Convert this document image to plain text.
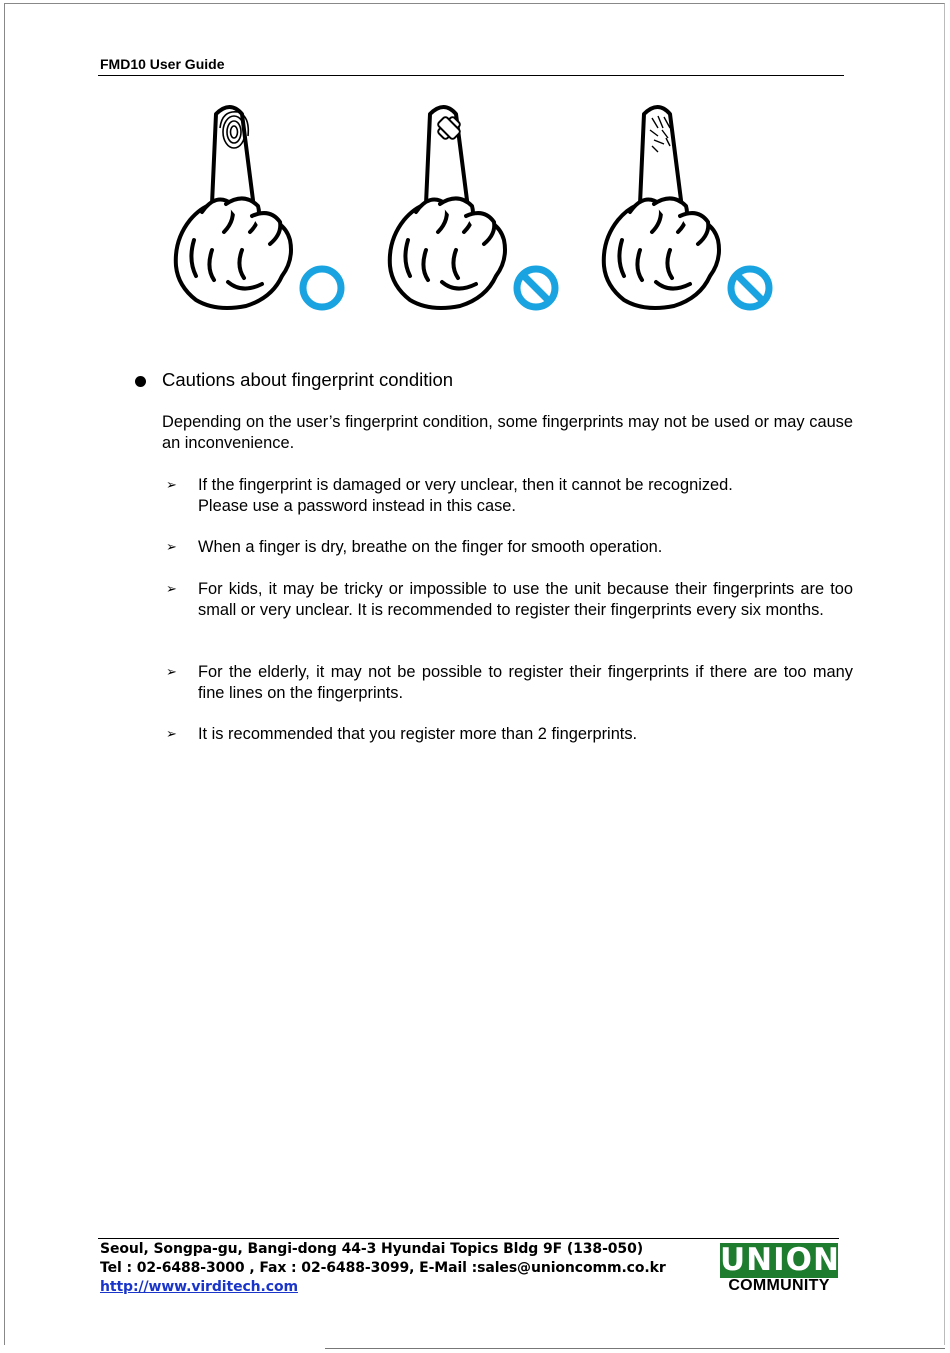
FMD10 User Guide
Cautions about fingerprint condition
Depending on the user’s fingerprint condition, some fingerprints may not be used or may cause an inconvenience.
➢ If the fingerprint is damaged or very unclear, then it cannot be recognized.
Please use a password instead in this case.
➢ When a finger is dry, breathe on the finger for smooth operation.
➢ For kids, it may be tricky or impossible to use the unit because their fingerprints are too small or very unclear. It is recommended to register their fingerprints every six months.
➢ For the elderly, it may not be possible to register their fingerprints if there are too many fine lines on the fingerprints.
➢ It is recommended that you register more than 2 fingerprints.
Seoul, Songpa-gu, Bangi-dong 44-3 Hyundai Topics Bldg 9F (138-050)
Tel : 02-6488-3000 , Fax : 02-6488-3099, E-Mail :sales@unioncomm.co.kr
http://www.virditech.com
UNION
COMMUNITY
